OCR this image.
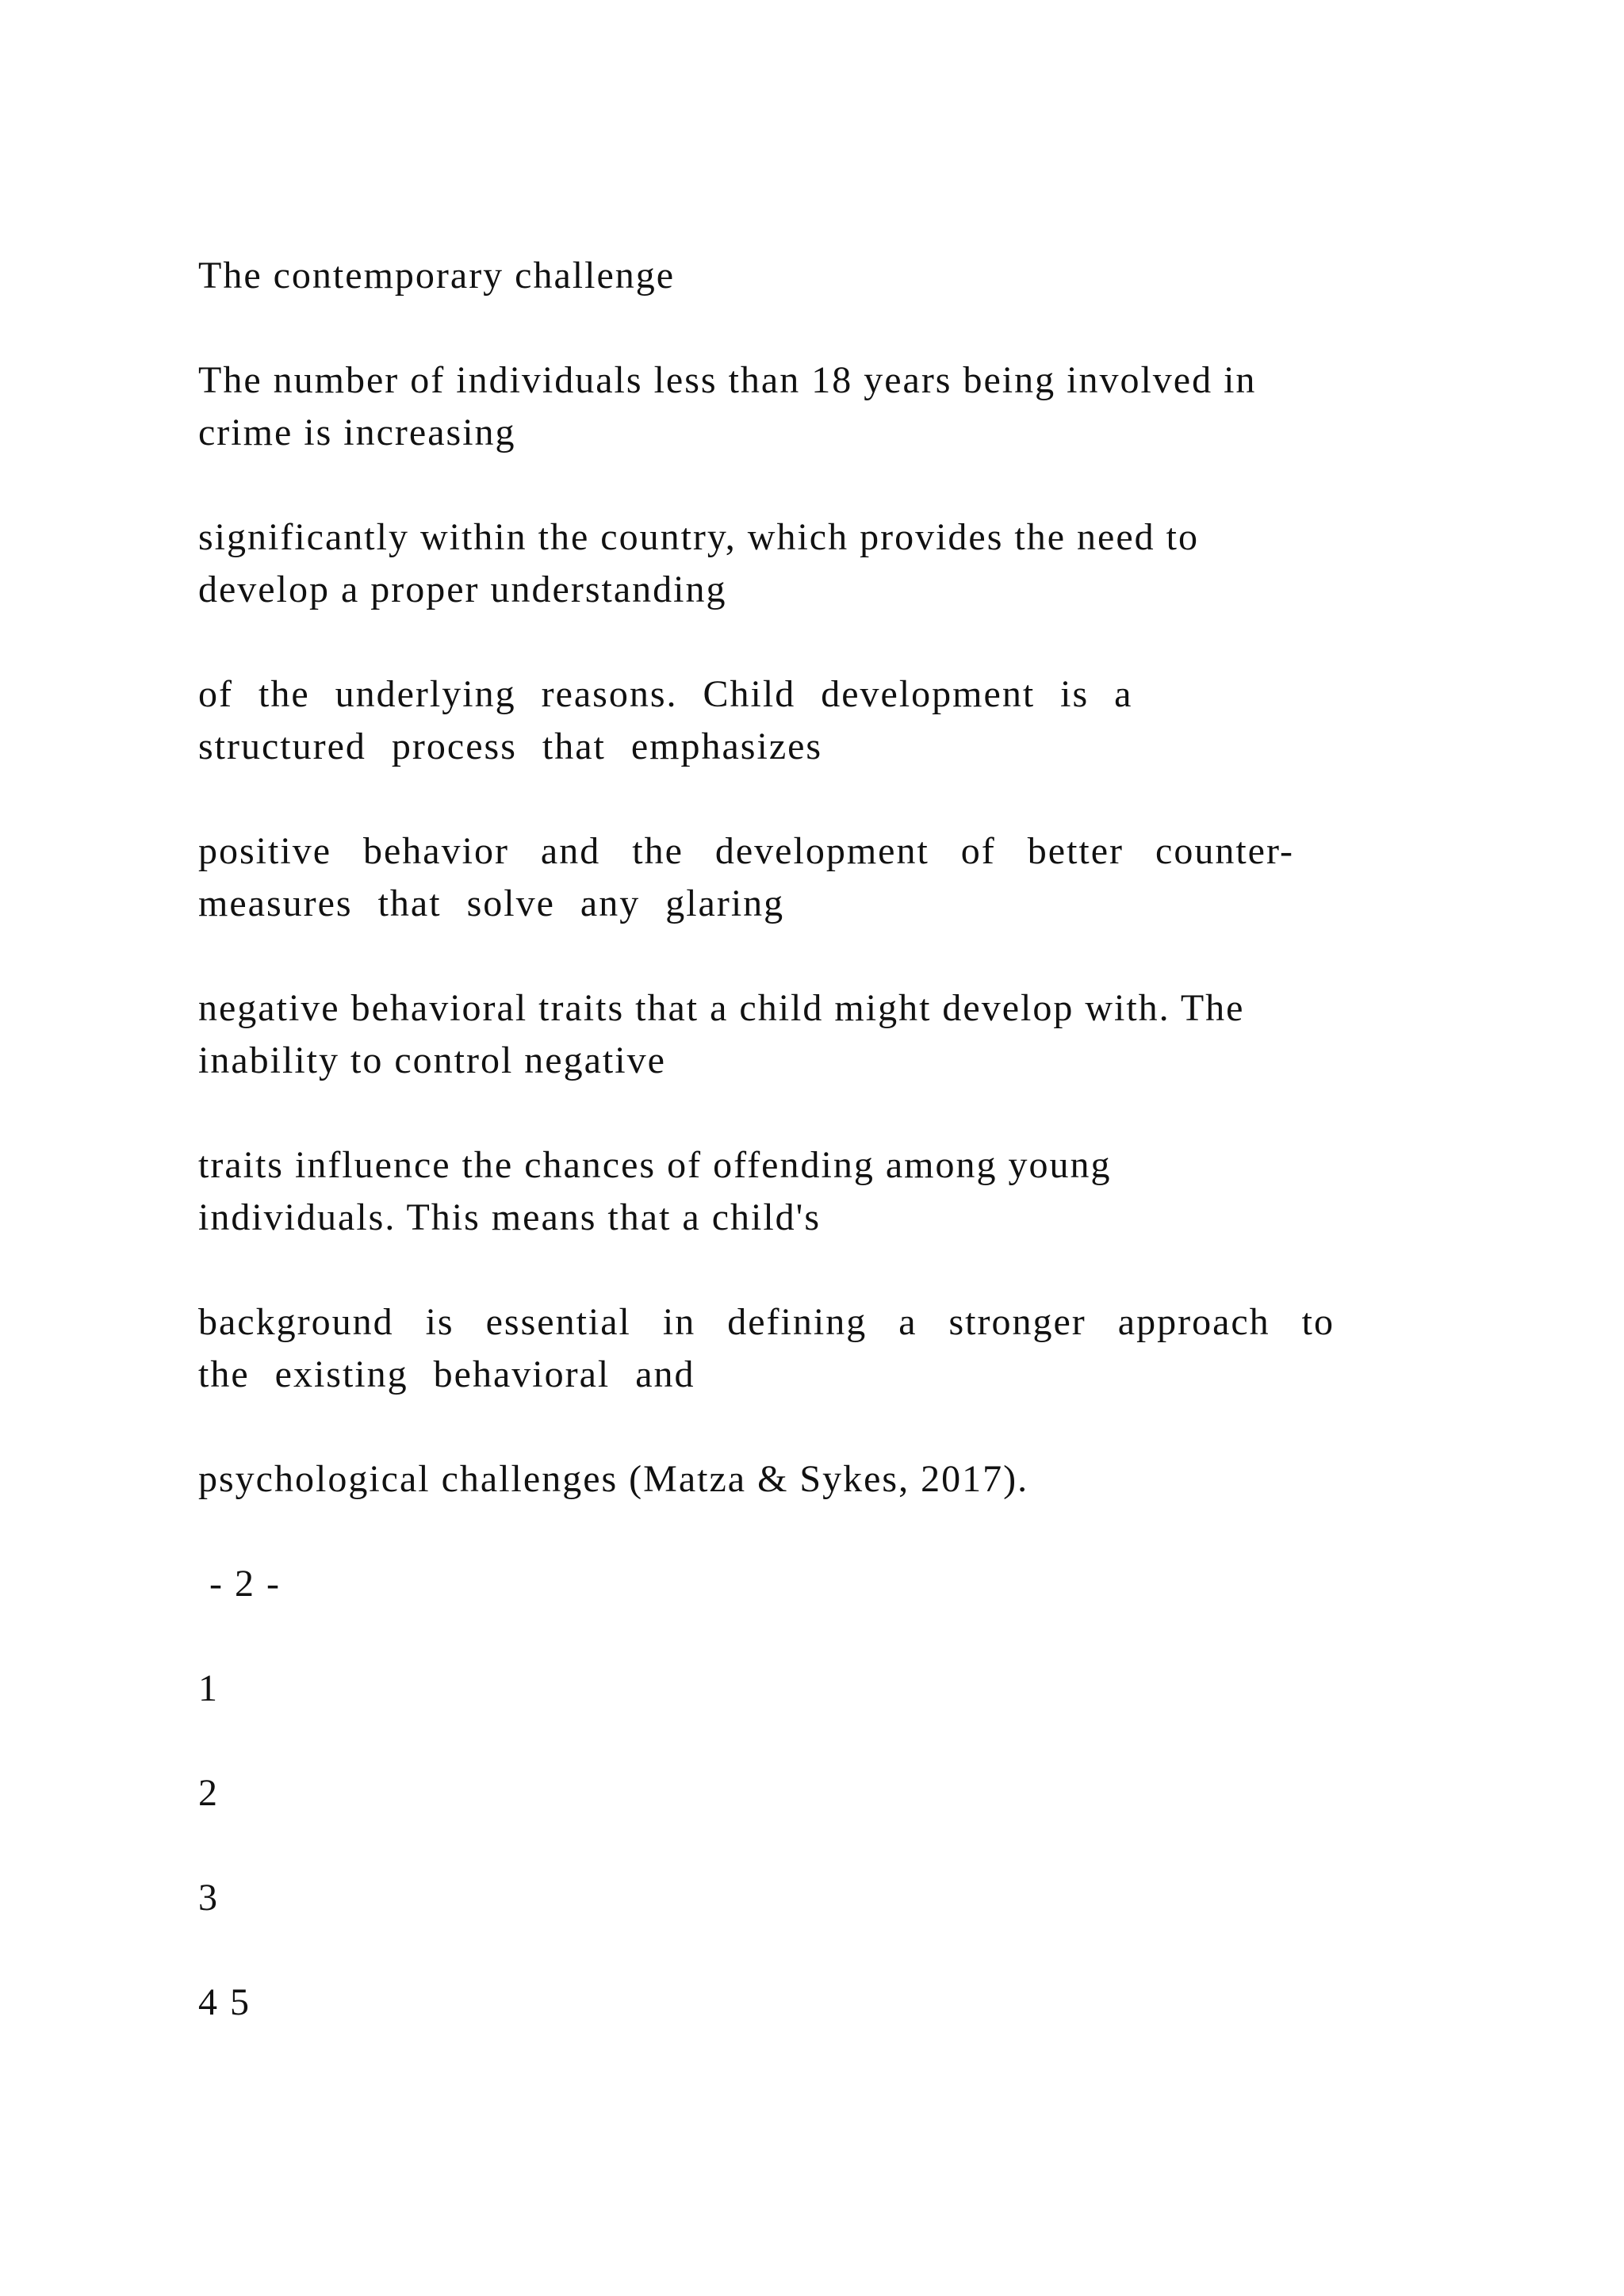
The contemporary challenge
The number of individuals less than 18 years being involved in
crime is increasing
significantly within the country, which provides the need to
develop a proper understanding
of the underlying reasons. Child development is a
structured process that emphasizes
positive behavior and the development of better counter-
measures that solve any glaring
negative behavioral traits that a child might develop with. The
inability to control negative
traits influence the chances of offending among young
individuals. This means that a child's
background is essential in defining a stronger approach to
the existing behavioral and
psychological challenges (Matza & Sykes, 2017).
- 2 -
1
2
3
4 5
